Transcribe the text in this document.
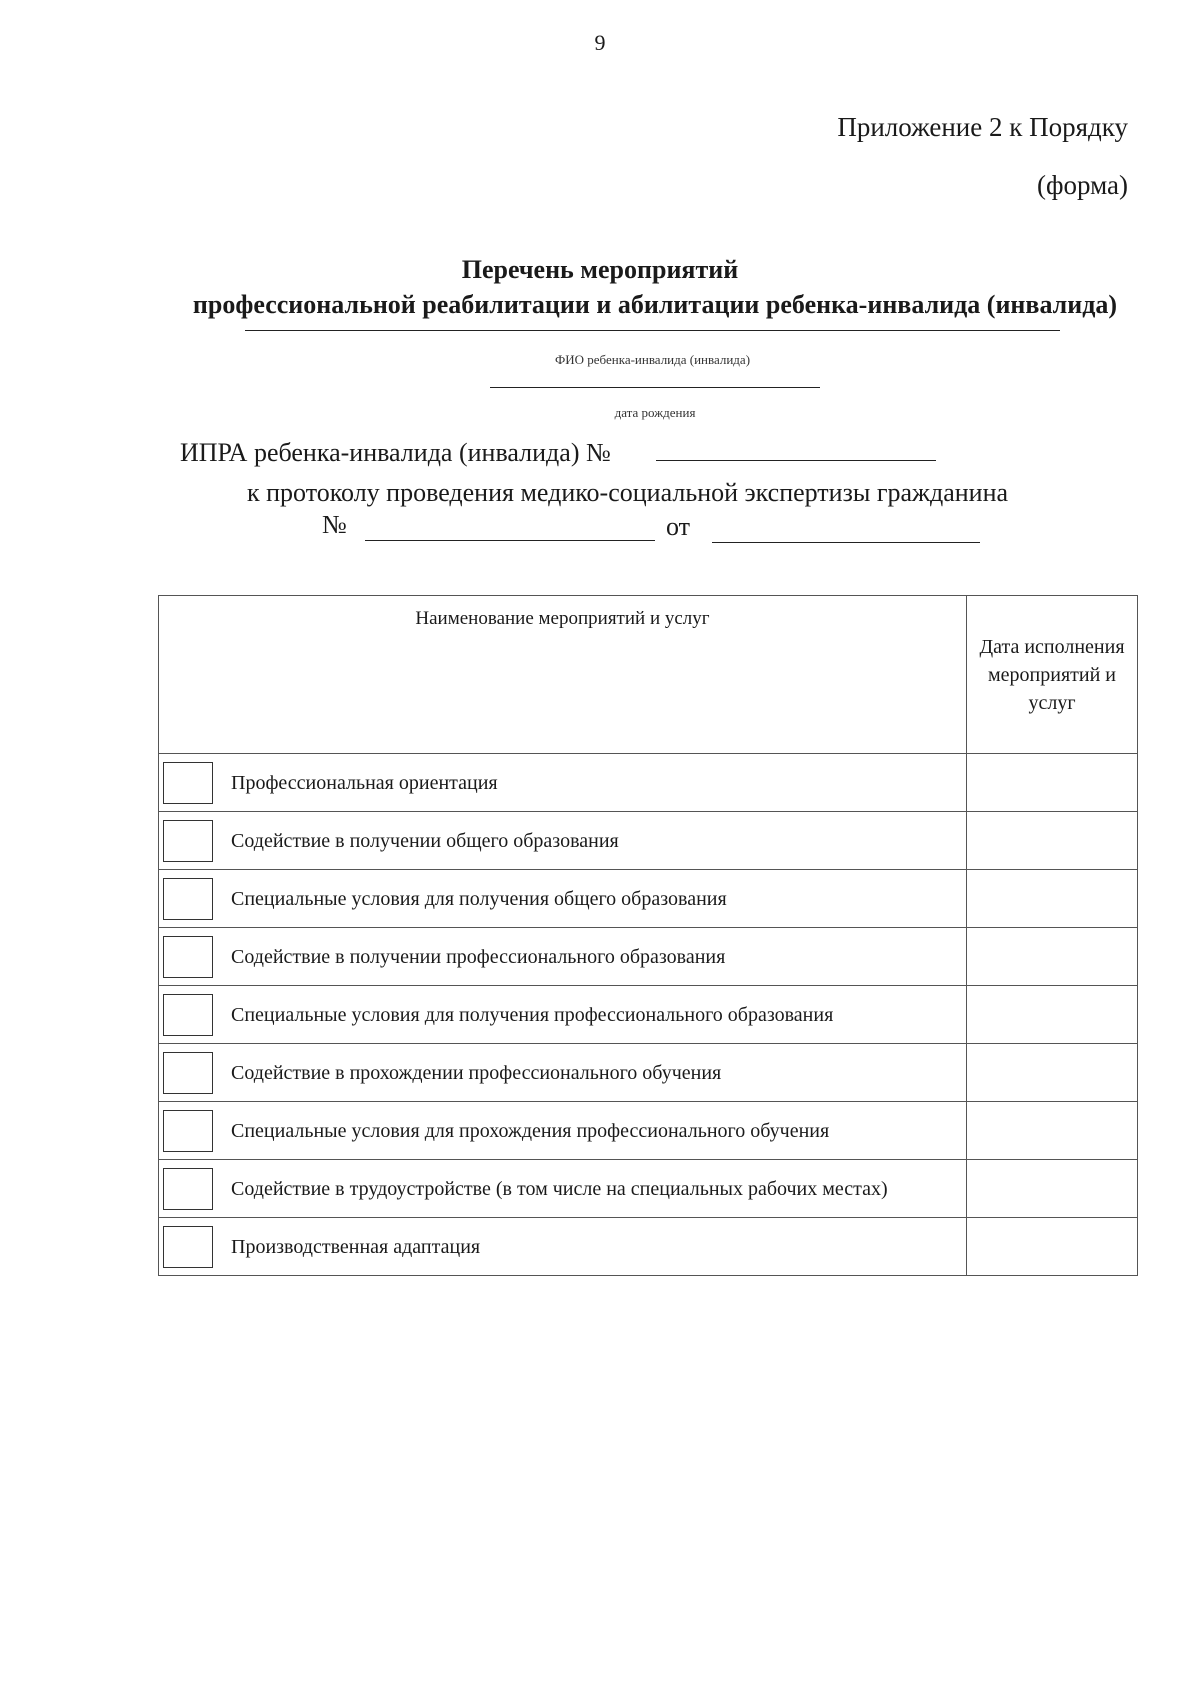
9
Приложение 2 к Порядку
(форма)
Перечень мероприятий

профессиональной реабилитации и абилитации ребенка-инвалида (инвалида)
ФИО ребенка-инвалида (инвалида)
дата рождения
ИПРА ребенка-инвалида (инвалида) №
к протоколу проведения медико-социальной экспертизы гражданина
№	от
Наименование мероприятий и услуг	Дата исполнения мероприятий и услуг

Профессиональная ориентация	

Содействие в получении общего образования	

Специальные условия для получения общего образования	

Содействие в получении профессионального образования	

Специальные условия для получения профессионального образования	

Содействие в прохождении профессионального обучения	

Специальные условия для прохождения профессионального обучения	

Содействие в трудоустройстве (в том числе на специальных рабочих местах)	

Производственная адаптация	
